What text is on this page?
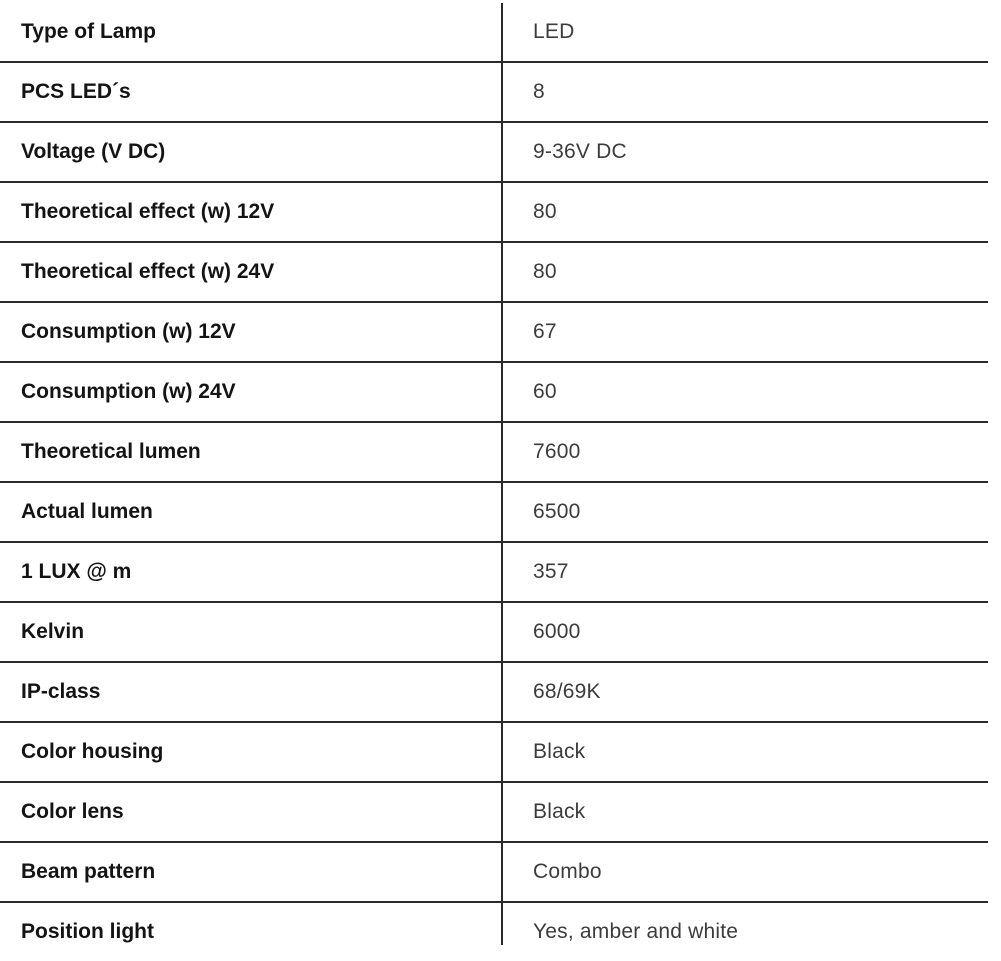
Type of Lamp	LED
PCS LED´s	8
Voltage (V DC)	9-36V DC
Theoretical effect (w) 12V	80
Theoretical effect (w) 24V	80
Consumption (w) 12V	67
Consumption (w) 24V	60
Theoretical lumen	7600
Actual lumen	6500
1 LUX @ m	357
Kelvin	6000
IP-class	68/69K
Color housing	Black
Color lens	Black
Beam pattern	Combo
Position light	Yes, amber and white
